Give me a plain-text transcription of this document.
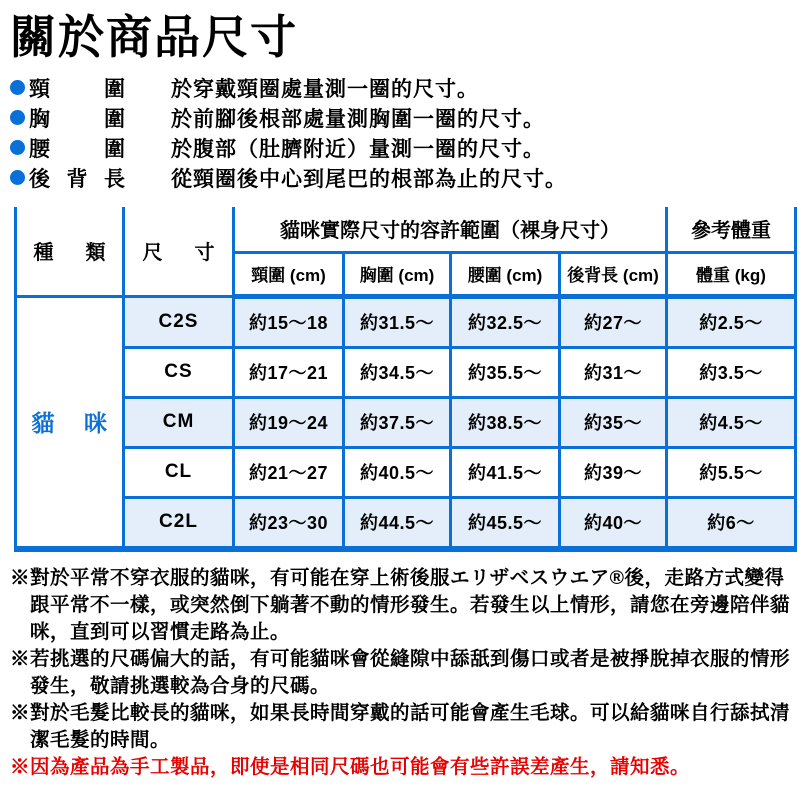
關於商品尺寸
頸圍 於穿戴頸圈處量測一圈的尺寸。
胸圍 於前腳後根部處量測胸圍一圈的尺寸。
腰圍 於腹部（肚臍附近）量測一圈的尺寸。
後背長 從頸圈後中心到尾巴的根部為止的尺寸。
種類	尺寸	貓咪實際尺寸的容許範圍（裸身尺寸）				參考體重
		頸圍 (cm)	胸圍 (cm)	腰圍 (cm)	後背長 (cm)	體重 (kg)
貓咪	C2S	約15～18	約31.5～	約32.5～	約27～	約2.5～
	CS	約17～21	約34.5～	約35.5～	約31～	約3.5～
	CM	約19～24	約37.5～	約38.5～	約35～	約4.5～
	CL	約21～27	約40.5～	約41.5～	約39～	約5.5～
	C2L	約23～30	約44.5～	約45.5～	約40～	約6～
※對於平常不穿衣服的貓咪，有可能在穿上術後服エリザベスウエア®後，走路方式變得跟平常不一樣，或突然倒下躺著不動的情形發生。若發生以上情形，請您在旁邊陪伴貓咪，直到可以習慣走路為止。
※若挑選的尺碼偏大的話，有可能貓咪會從縫隙中舔舐到傷口或者是被掙脫掉衣服的情形發生，敬請挑選較為合身的尺碼。
※對於毛髮比較長的貓咪，如果長時間穿戴的話可能會產生毛球。可以給貓咪自行舔拭清潔毛髮的時間。
※因為產品為手工製品，即使是相同尺碼也可能會有些許誤差產生，請知悉。
